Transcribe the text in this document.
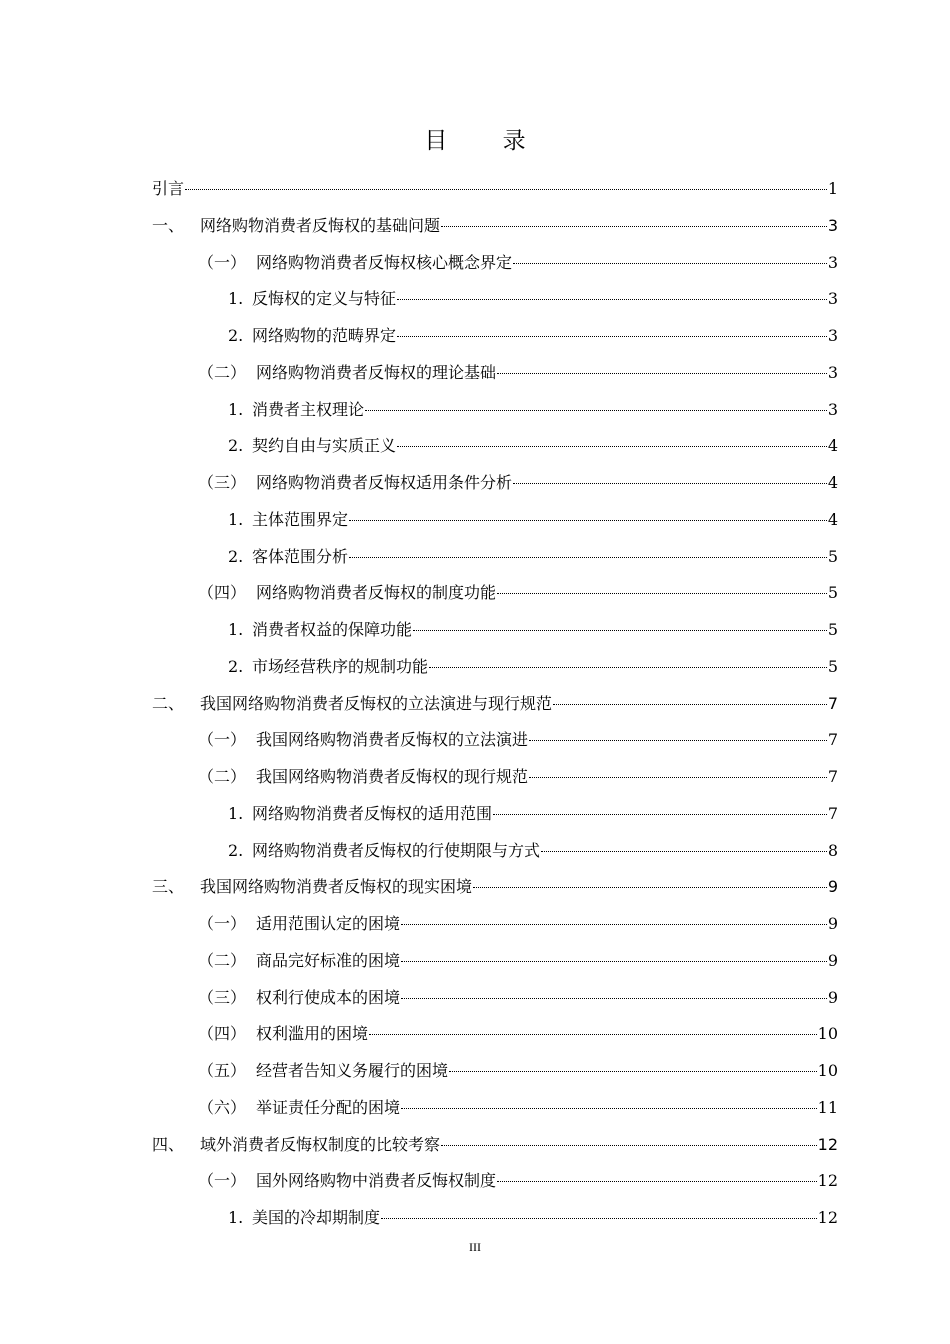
目 录
引言	1
一、 网络购物消费者反悔权的基础问题	3
（一） 网络购物消费者反悔权核心概念界定	3
1. 反悔权的定义与特征	3
2. 网络购物的范畴界定	3
（二） 网络购物消费者反悔权的理论基础	3
1. 消费者主权理论	3
2. 契约自由与实质正义	4
（三） 网络购物消费者反悔权适用条件分析	4
1. 主体范围界定	4
2. 客体范围分析	5
（四） 网络购物消费者反悔权的制度功能	5
1. 消费者权益的保障功能	5
2. 市场经营秩序的规制功能	5
二、 我国网络购物消费者反悔权的立法演进与现行规范	7
（一） 我国网络购物消费者反悔权的立法演进	7
（二） 我国网络购物消费者反悔权的现行规范	7
1. 网络购物消费者反悔权的适用范围	7
2. 网络购物消费者反悔权的行使期限与方式	8
三、 我国网络购物消费者反悔权的现实困境	9
（一） 适用范围认定的困境	9
（二） 商品完好标准的困境	9
（三） 权利行使成本的困境	9
（四） 权利滥用的困境	10
（五） 经营者告知义务履行的困境	10
（六） 举证责任分配的困境	11
四、 域外消费者反悔权制度的比较考察	12
（一） 国外网络购物中消费者反悔权制度	12
1. 美国的冷却期制度	12
III
